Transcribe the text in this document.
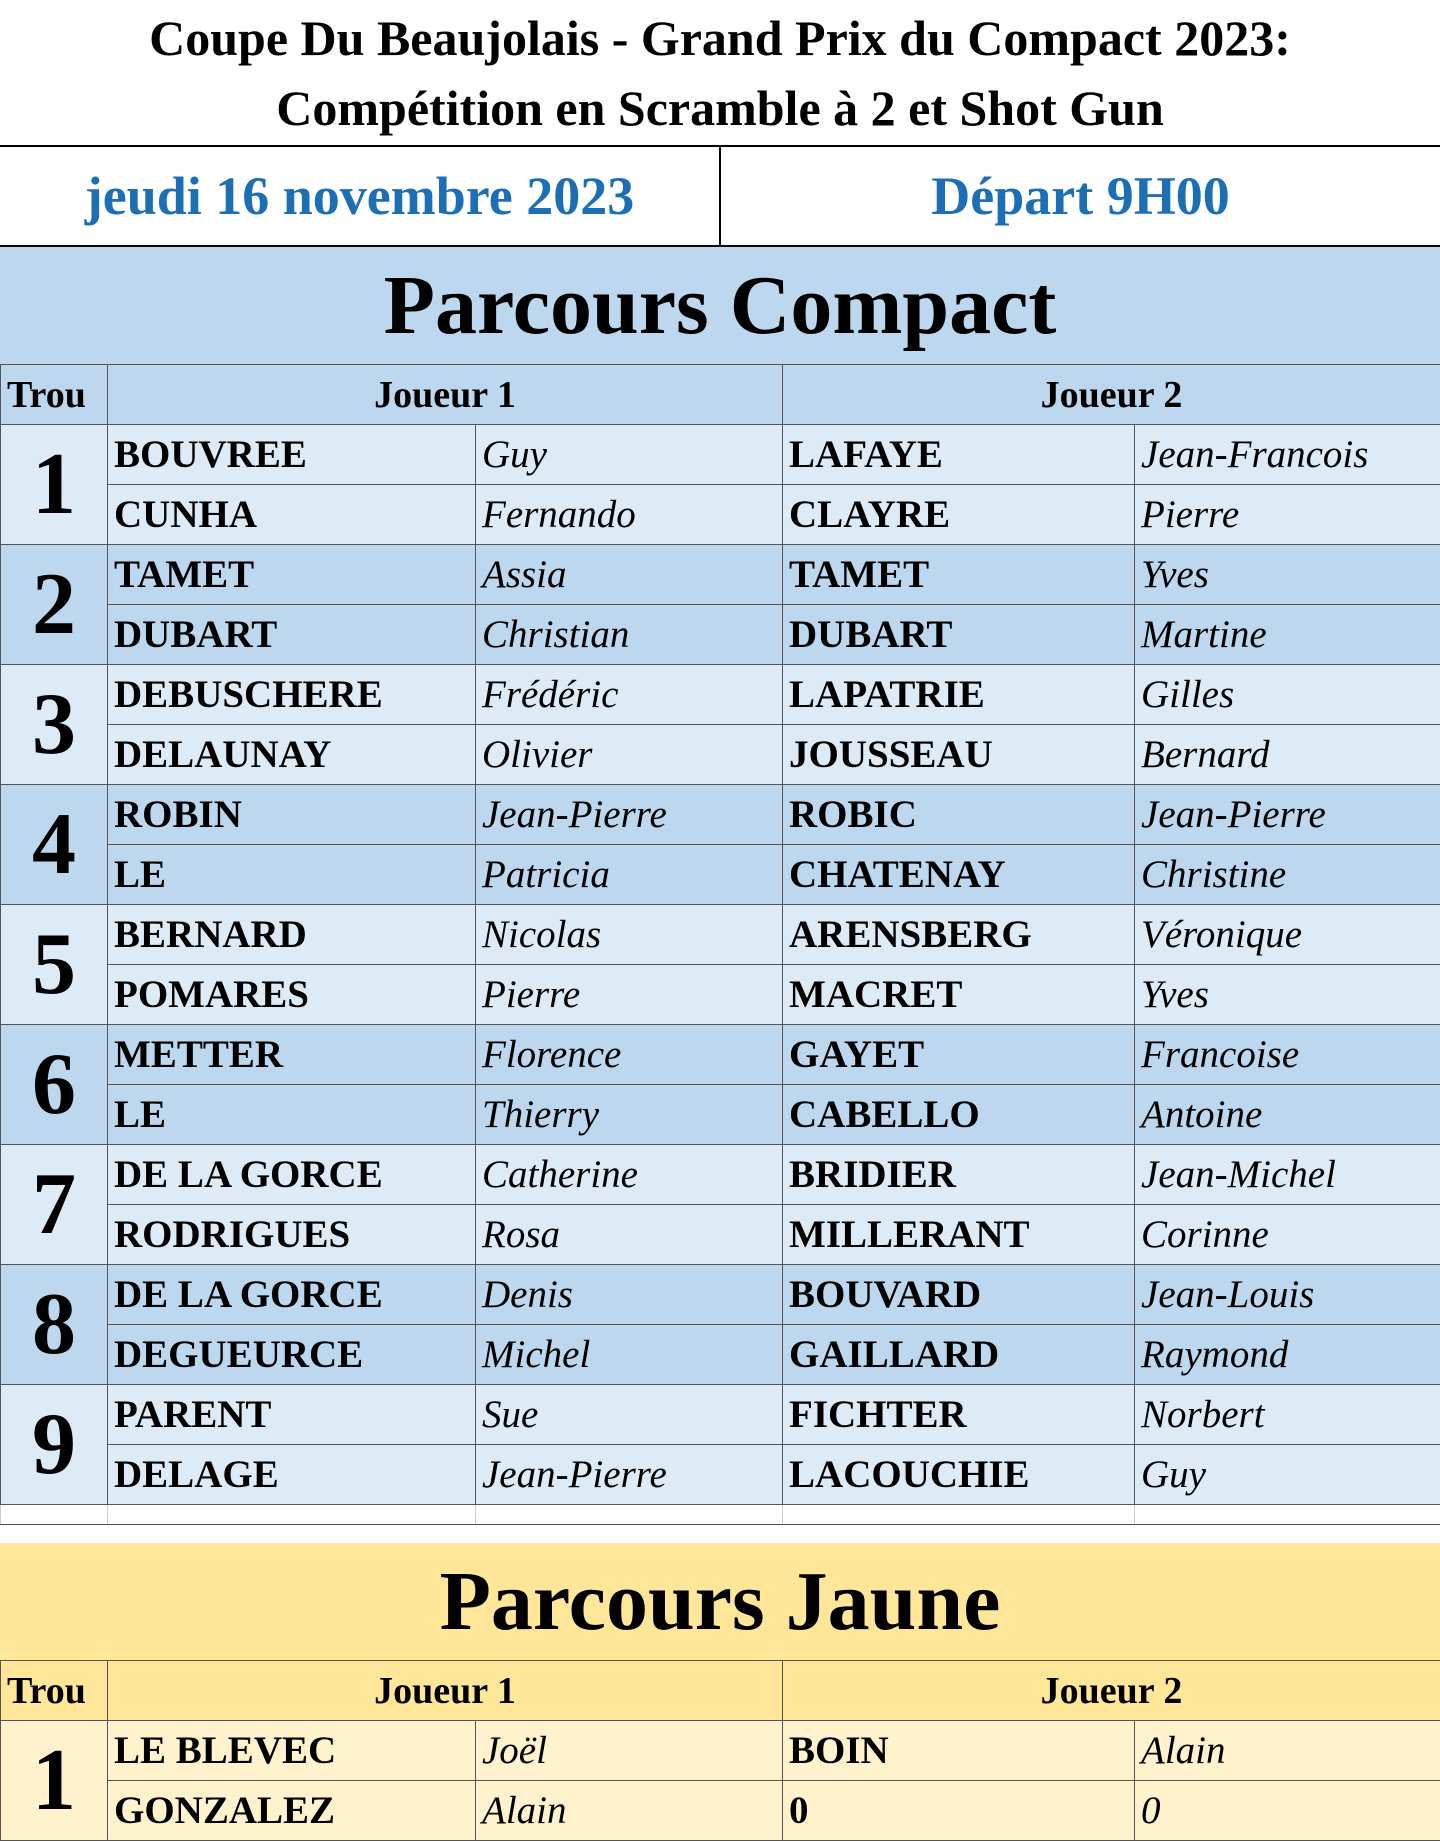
Coupe Du Beaujolais - Grand Prix du Compact 2023:
Compétition en Scramble à 2 et Shot Gun
jeudi 16 novembre 2023	Départ 9H00
Parcours Compact
Trou	Joueur 1		Joueur 2	
1	BOUVREE	Guy	LAFAYE	Jean-Francois
	CUNHA	Fernando	CLAYRE	Pierre
2	TAMET	Assia	TAMET	Yves
	DUBART	Christian	DUBART	Martine
3	DEBUSCHERE	Frédéric	LAPATRIE	Gilles
	DELAUNAY	Olivier	JOUSSEAU	Bernard
4	ROBIN	Jean-Pierre	ROBIC	Jean-Pierre
	LE	Patricia	CHATENAY	Christine
5	BERNARD	Nicolas	ARENSBERG	Véronique
	POMARES	Pierre	MACRET	Yves
6	METTER	Florence	GAYET	Francoise
	LE	Thierry	CABELLO	Antoine
7	DE LA GORCE	Catherine	BRIDIER	Jean-Michel
	RODRIGUES	Rosa	MILLERANT	Corinne
8	DE LA GORCE	Denis	BOUVARD	Jean-Louis
	DEGUEURCE	Michel	GAILLARD	Raymond
9	PARENT	Sue	FICHTER	Norbert
	DELAGE	Jean-Pierre	LACOUCHIE	Guy

Parcours Jaune
Trou	Joueur 1		Joueur 2	
1	LE BLEVEC	Joël	BOIN	Alain
	GONZALEZ	Alain	0	0
